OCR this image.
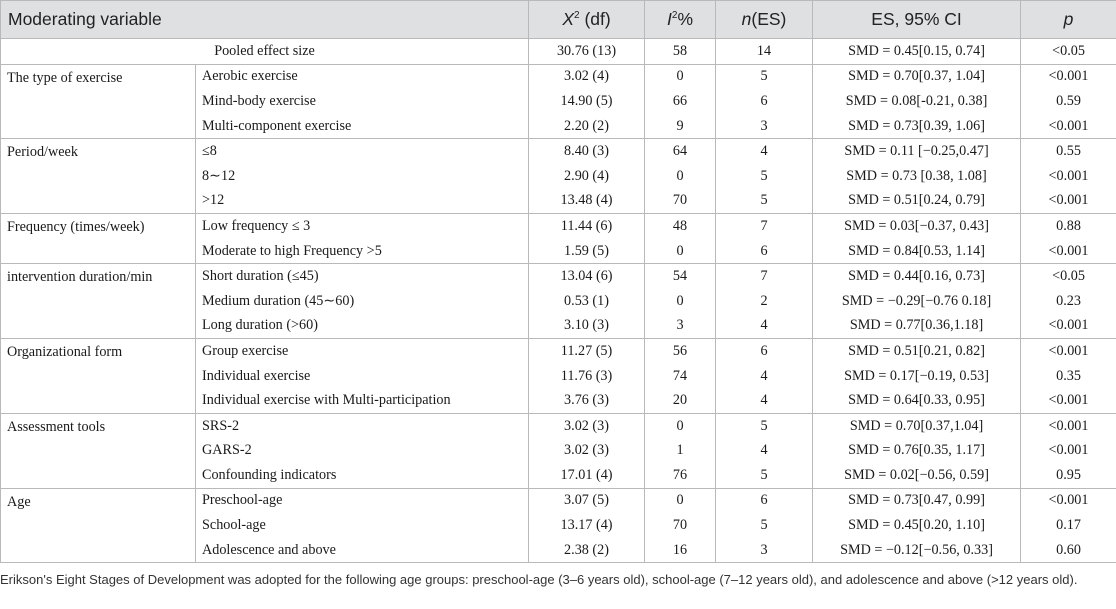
Moderating variable		$X^2$ (df)	$I^2\%$	n(ES)	ES, 95% CI	p
Pooled effect size		30.76 (13)	58	14	SMD = 0.45[0.15, 0.74]	<0.05
The type of exercise	Aerobic exercise	3.02 (4)	0	5	SMD = 0.70[0.37, 1.04]	<0.001
	Mind-body exercise	14.90 (5)	66	6	SMD = 0.08[-0.21, 0.38]	0.59
	Multi-component exercise	2.20 (2)	9	3	SMD = 0.73[0.39, 1.06]	<0.001
Period/week	≤8	8.40 (3)	64	4	SMD = 0.11 [−0.25,0.47]	0.55
	8∼12	2.90 (4)	0	5	SMD = 0.73 [0.38, 1.08]	<0.001
	>12	13.48 (4)	70	5	SMD = 0.51[0.24, 0.79]	<0.001
Frequency (times/week)	Low frequency ≤ 3	11.44 (6)	48	7	SMD = 0.03[−0.37, 0.43]	0.88
	Moderate to high Frequency >5	1.59 (5)	0	6	SMD = 0.84[0.53, 1.14]	<0.001
intervention duration/min	Short duration (≤45)	13.04 (6)	54	7	SMD = 0.44[0.16, 0.73]	<0.05
	Medium duration (45∼60)	0.53 (1)	0	2	SMD = −0.29[−0.76 0.18]	0.23
	Long duration (>60)	3.10 (3)	3	4	SMD = 0.77[0.36,1.18]	<0.001
Organizational form	Group exercise	11.27 (5)	56	6	SMD = 0.51[0.21, 0.82]	<0.001
	Individual exercise	11.76 (3)	74	4	SMD = 0.17[−0.19, 0.53]	0.35
	Individual exercise with Multi-participation	3.76 (3)	20	4	SMD = 0.64[0.33, 0.95]	<0.001
Assessment tools	SRS-2	3.02 (3)	0	5	SMD = 0.70[0.37,1.04]	<0.001
	GARS-2	3.02 (3)	1	4	SMD = 0.76[0.35, 1.17]	<0.001
	Confounding indicators	17.01 (4)	76	5	SMD = 0.02[−0.56, 0.59]	0.95
Age	Preschool-age	3.07 (5)	0	6	SMD = 0.73[0.47, 0.99]	<0.001
	School-age	13.17 (4)	70	5	SMD = 0.45[0.20, 1.10]	0.17
	Adolescence and above	2.38 (2)	16	3	SMD = −0.12[−0.56, 0.33]	0.60
Erikson's Eight Stages of Development was adopted for the following age groups: preschool-age (3–6 years old), school-age (7–12 years old), and adolescence and above (>12 years old).
